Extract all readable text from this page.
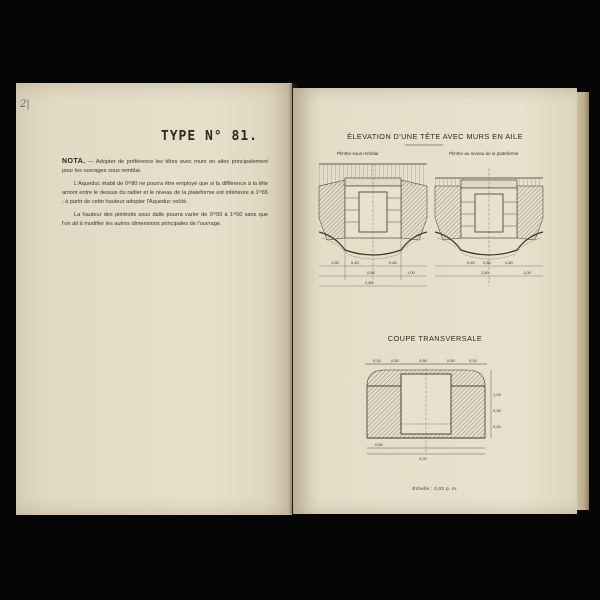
2|
TYPE N° 81.

NOTA. — Adopter de préférence les têtes avec murs en ailes principalement pour les ouvrages sous remblai.

L'Aqueduc établi de 0ᵐ80 ne pourra être employé que si la différence à la tête amont entre le dessus du radier et le niveau de la plateforme est inférieure à 1ᵐ65 ; à partir de cette hauteur adopter l'Aqueduc voûté.

La hauteur des piédroits sous dalle pourra varier de 0ᵐ93 à 1ᵐ50 sans que l'on ait à modifier les autres dimensions principales de l'ouvrage.

ÉLEVATION D'UNE TÊTE AVEC MURS EN AILE
Plinthe sous remblai	Plinthe au niveau de la plateforme
1,50	0,40
0,80
0,60
1,00
2,80
0,40 0,80	0,80
2,60	1,00
COUPE TRANSVERSALE
0,20	0,50	0,80	0,50	0,20
1,03
0,30
0,40
0,50
2,20
Échelle : 0,02 p. m.
